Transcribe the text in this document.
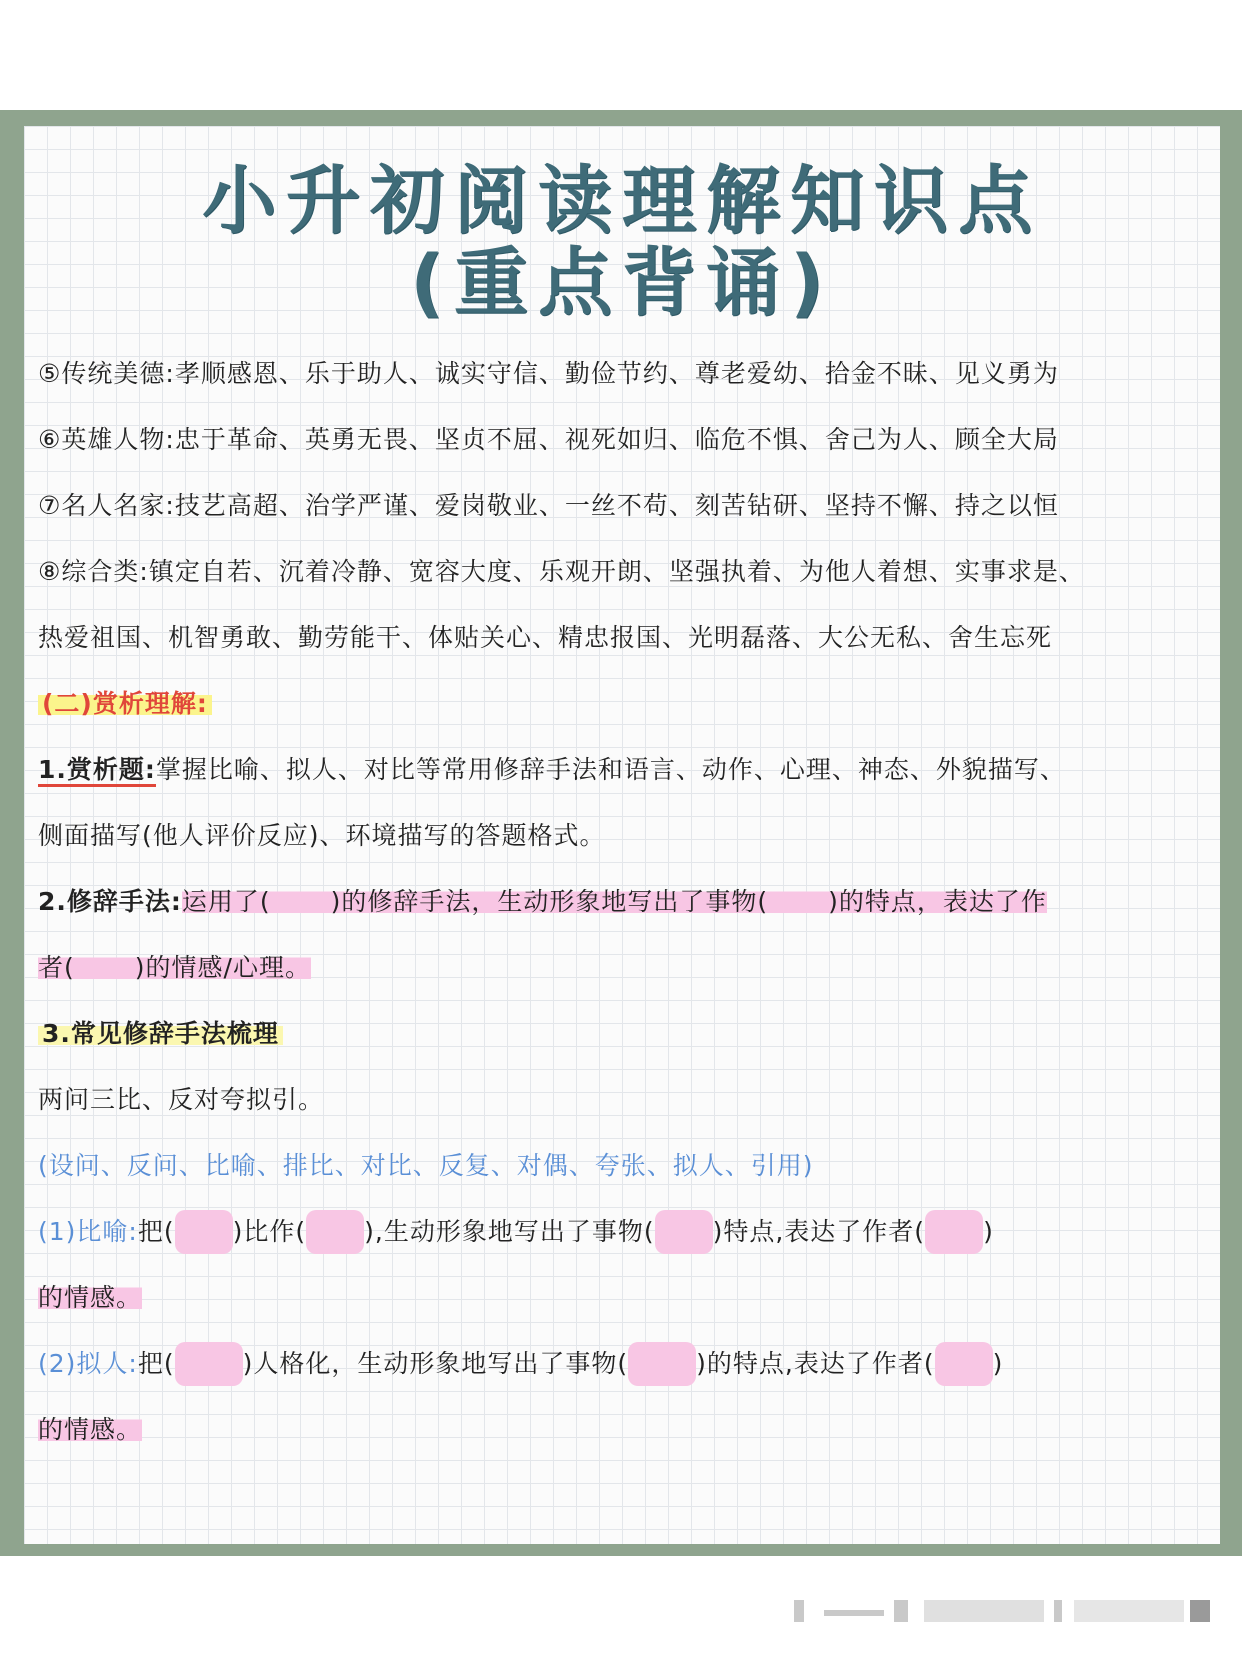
小升初阅读理解知识点
(重点背诵)
⑤传统美德:孝顺感恩、乐于助人、诚实守信、勤俭节约、尊老爱幼、拾金不昧、见义勇为
⑥英雄人物:忠于革命、英勇无畏、坚贞不屈、视死如归、临危不惧、舍己为人、顾全大局
⑦名人名家:技艺高超、治学严谨、爱岗敬业、一丝不苟、刻苦钻研、坚持不懈、持之以恒
⑧综合类:镇定自若、沉着冷静、宽容大度、乐观开朗、坚强执着、为他人着想、实事求是、
热爱祖国、机智勇敢、勤劳能干、体贴关心、精忠报国、光明磊落、大公无私、舍生忘死
(二)赏析理解:
1.赏析题:掌握比喻、拟人、对比等常用修辞手法和语言、动作、心理、神态、外貌描写、
侧面描写(他人评价反应)、环境描写的答题格式。
2.修辞手法:运用了( )的修辞手法，生动形象地写出了事物( )的特点，表达了作
者( )的情感/心理。
3.常见修辞手法梳理
两问三比、反对夸拟引。
(设问、反问、比喻、排比、对比、反复、对偶、夸张、拟人、引用)
(1)比喻:把( )比作( ),生动形象地写出了事物( )特点,表达了作者( )
的情感。
(2)拟人:把(	)人格化，生动形象地写出了事物(	)的特点,表达了作者( )
的情感。
